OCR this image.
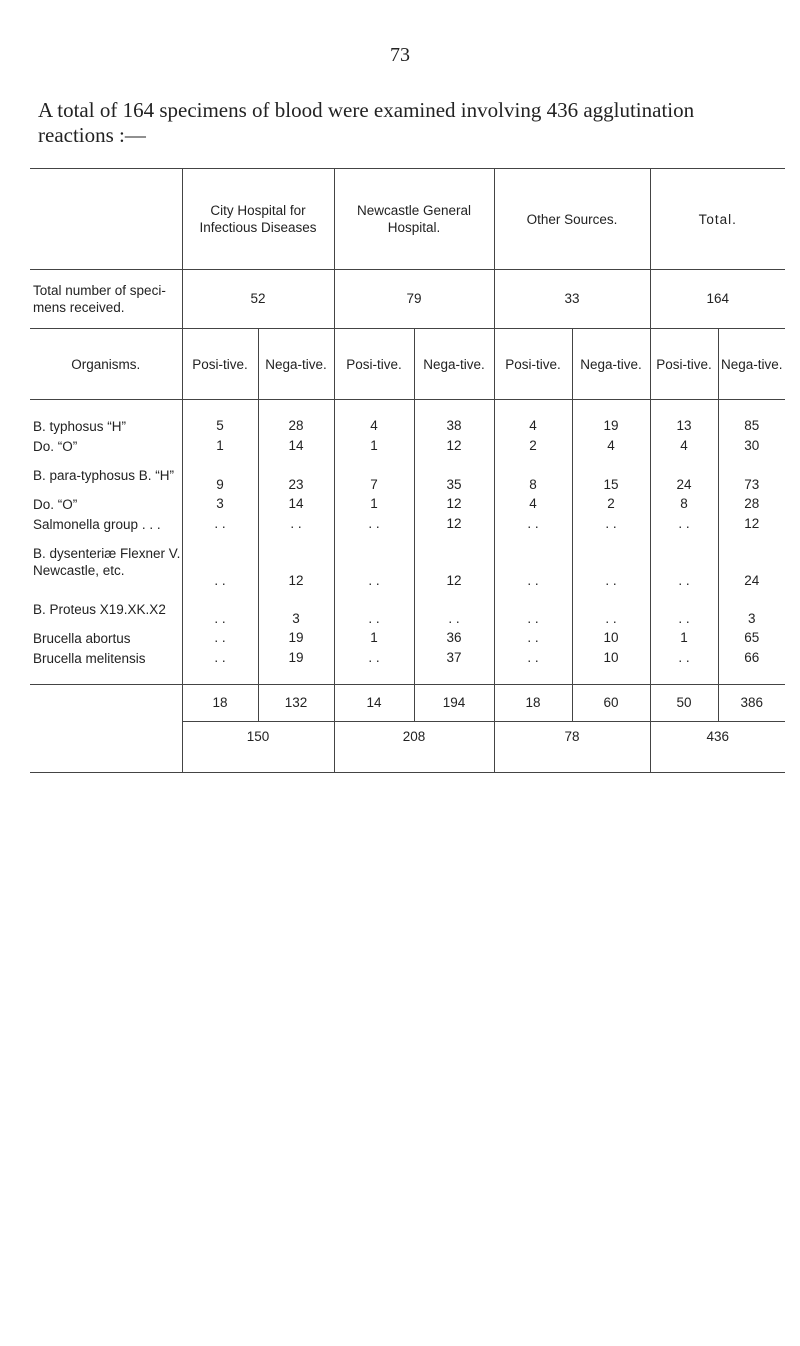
73
A total of 164 specimens of blood were examined involving 436 agglutination reactions :—
	City Hospital for Infectious Diseases		Newcastle General Hospital.		Other Sources.		Total.	
Total number of speci-mens received.	52		79		33		164	
Organisms.	Posi-tive.	Nega-tive.	Posi-tive.	Nega-tive.	Posi-tive.	Nega-tive.	Posi-tive.	Nega-tive.

B. typhosus “H”	5	28	4	38	4	19	13	85
Do. “O”	1	14	1	12	2	4	4	30
B. para-typhosus B. “H”	9	23	7	35	8	15	24	73
Do. “O”	3	14	1	12	4	2	8	28
Salmonella group . . .	. .	. .	. .	12	. .	. .	. .	12
B. dysenteriæ Flexner V. Newcastle, etc.	. .	12	. .	12	. .	. .	. .	24
B. Proteus X19.XK.X2	. .	3	. .	. .	. .	. .	. .	3
Brucella abortus	. .	19	1	36	. .	10	1	65
Brucella melitensis	. .	19	. .	37	. .	10	. .	66

	18	132	14	194	18	60	50	386
	150		208		78		436	
